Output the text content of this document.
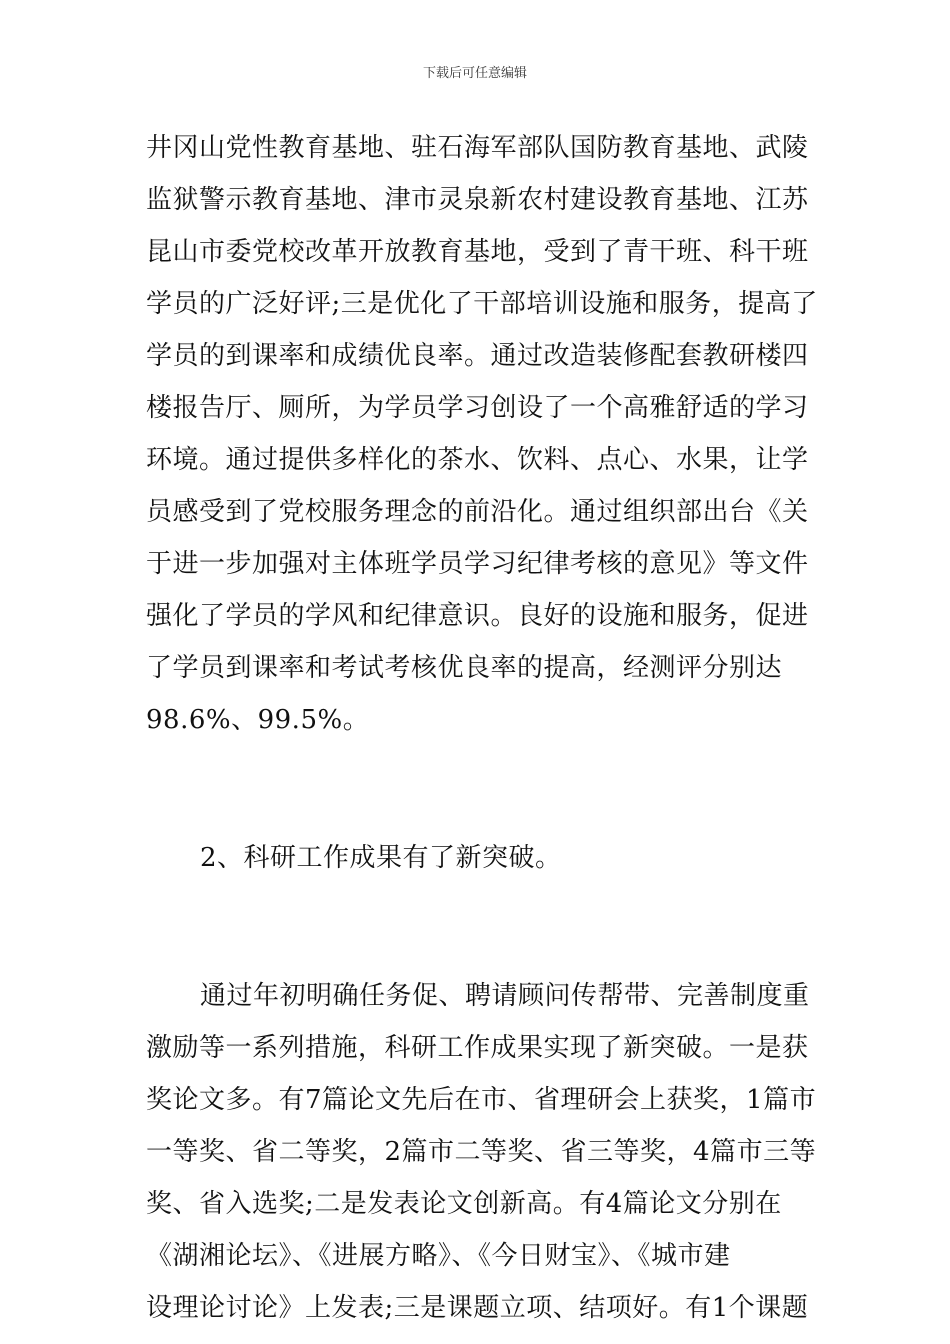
下载后可任意编辑
井冈山党性教育基地、驻石海军部队国防教育基地、武陵
监狱警示教育基地、津市灵泉新农村建设教育基地、江苏
昆山市委党校改革开放教育基地，受到了青干班、科干班
学员的广泛好评;三是优化了干部培训设施和服务，提高了
学员的到课率和成绩优良率。通过改造装修配套教研楼四
楼报告厅、厕所，为学员学习创设了一个高雅舒适的学习
环境。通过提供多样化的茶水、饮料、点心、水果，让学
员感受到了党校服务理念的前沿化。通过组织部出台《关
于进一步加强对主体班学员学习纪律考核的意见》等文件
强化了学员的学风和纪律意识。良好的设施和服务，促进
了学员到课率和考试考核优良率的提高，经测评分别达
98.6%、99.5%。
2、科研工作成果有了新突破。
通过年初明确任务促、聘请顾问传帮带、完善制度重
激励等一系列措施，科研工作成果实现了新突破。一是获
奖论文多。有7篇论文先后在市、省理研会上获奖，1篇市
一等奖、省二等奖，2篇市二等奖、省三等奖，4篇市三等
奖、省入选奖;二是发表论文创新高。有4篇论文分别在
《湖湘论坛》、《进展方略》、《今日财宝》、《城市建
设理论讨论》上发表;三是课题立项、结项好。有1个课题
